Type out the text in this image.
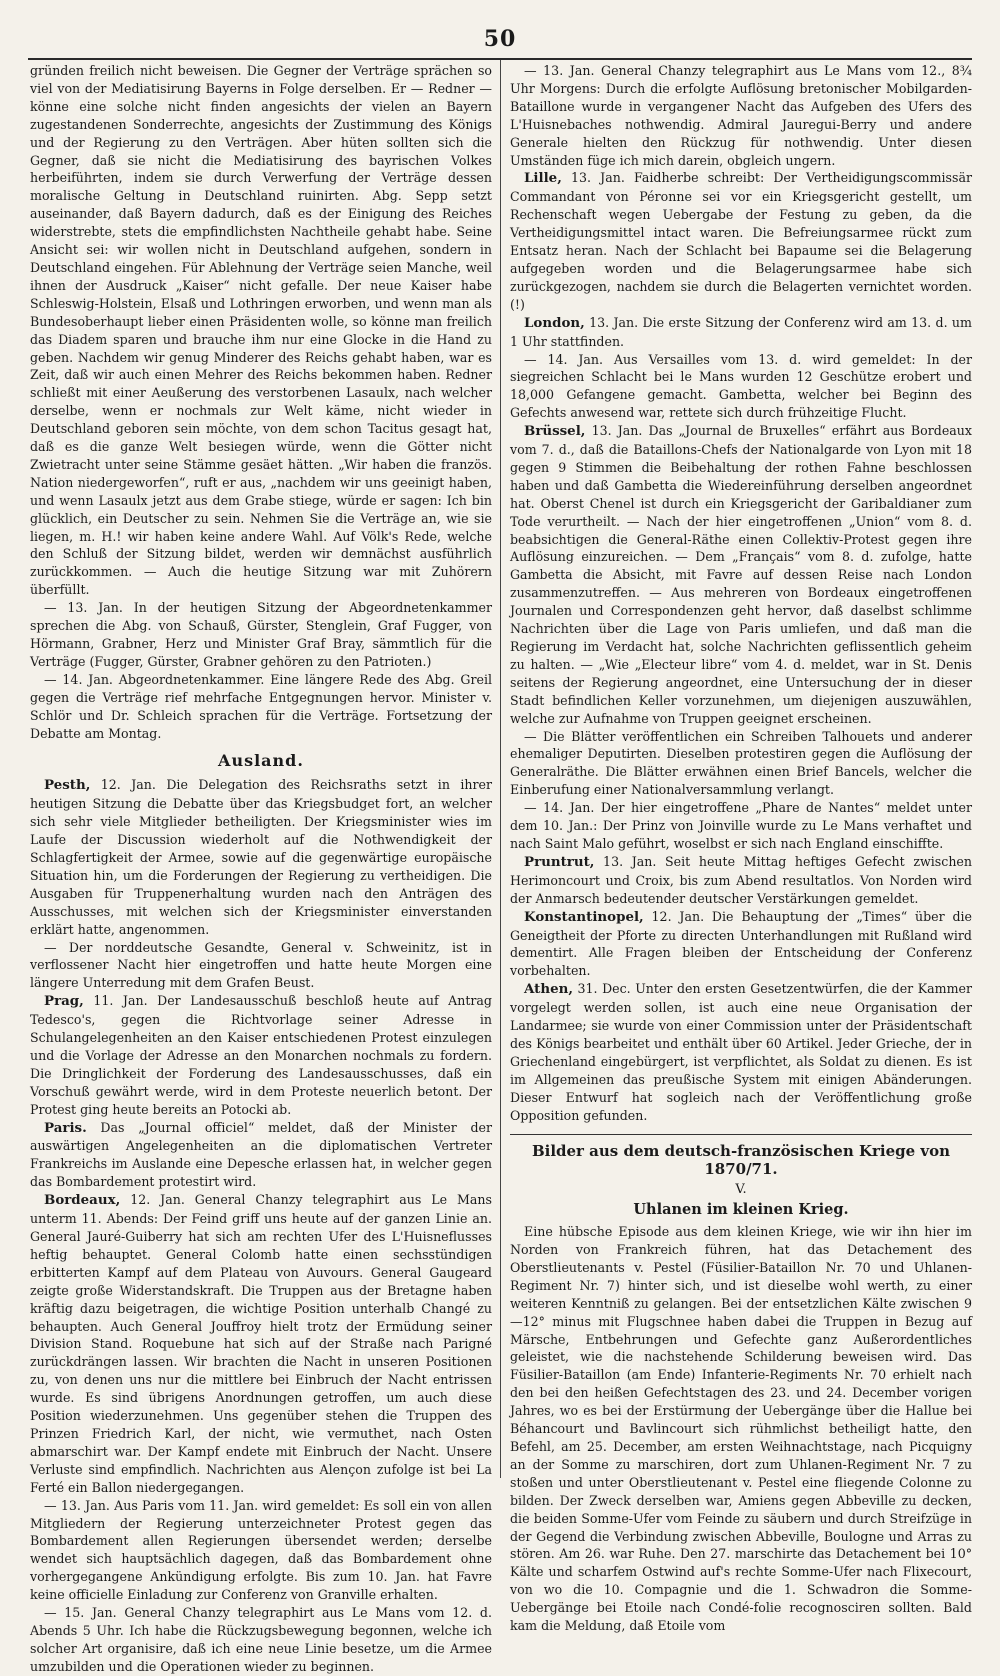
50

gründen freilich nicht beweisen. Die Gegner der Verträge sprächen so viel von der Mediatisirung Bayerns in Folge derselben. Er — Redner — könne eine solche nicht finden angesichts der vielen an Bayern zugestandenen Sonderrechte, angesichts der Zustimmung des Königs und der Regierung zu den Verträgen. Aber hüten sollten sich die Gegner, daß sie nicht die Mediatisirung des bayrischen Volkes herbeiführten, indem sie durch Verwerfung der Verträge dessen moralische Geltung in Deutschland ruinirten. Abg. Sepp setzt auseinander, daß Bayern dadurch, daß es der Einigung des Reiches widerstrebte, stets die empfindlichsten Nachtheile gehabt habe. Seine Ansicht sei: wir wollen nicht in Deutschland aufgehen, sondern in Deutschland eingehen. Für Ablehnung der Verträge seien Manche, weil ihnen der Ausdruck „Kaiser“ nicht gefalle. Der neue Kaiser habe Schleswig-Holstein, Elsaß und Lothringen erworben, und wenn man als Bundesoberhaupt lieber einen Präsidenten wolle, so könne man freilich das Diadem sparen und brauche ihm nur eine Glocke in die Hand zu geben. Nachdem wir genug Minderer des Reichs gehabt haben, war es Zeit, daß wir auch einen Mehrer des Reichs bekommen haben. Redner schließt mit einer Aeußerung des verstorbenen Lasaulx, nach welcher derselbe, wenn er nochmals zur Welt käme, nicht wieder in Deutschland geboren sein möchte, von dem schon Tacitus gesagt hat, daß es die ganze Welt besiegen würde, wenn die Götter nicht Zwietracht unter seine Stämme gesäet hätten. „Wir haben die französ. Nation niedergeworfen“, ruft er aus, „nachdem wir uns geeinigt haben, und wenn Lasaulx jetzt aus dem Grabe stiege, würde er sagen: Ich bin glücklich, ein Deutscher zu sein. Nehmen Sie die Verträge an, wie sie liegen, m. H.! wir haben keine andere Wahl. Auf Völk's Rede, welche den Schluß der Sitzung bildet, werden wir demnächst ausführlich zurückkommen. — Auch die heutige Sitzung war mit Zuhörern überfüllt.

— 13. Jan. In der heutigen Sitzung der Abgeordnetenkammer sprechen die Abg. von Schauß, Gürster, Stenglein, Graf Fugger, von Hörmann, Grabner, Herz und Minister Graf Bray, sämmtlich für die Verträge (Fugger, Gürster, Grabner gehören zu den Patrioten.)

— 14. Jan. Abgeordnetenkammer. Eine längere Rede des Abg. Greil gegen die Verträge rief mehrfache Entgegnungen hervor. Minister v. Schlör und Dr. Schleich sprachen für die Verträge. Fortsetzung der Debatte am Montag.

Ausland.

Pesth, 12. Jan. Die Delegation des Reichsraths setzt in ihrer heutigen Sitzung die Debatte über das Kriegsbudget fort, an welcher sich sehr viele Mitglieder betheiligten. Der Kriegsminister wies im Laufe der Discussion wiederholt auf die Nothwendigkeit der Schlagfertigkeit der Armee, sowie auf die gegenwärtige europäische Situation hin, um die Forderungen der Regierung zu vertheidigen. Die Ausgaben für Truppenerhaltung wurden nach den Anträgen des Ausschusses, mit welchen sich der Kriegsminister einverstanden erklärt hatte, angenommen.

— Der norddeutsche Gesandte, General v. Schweinitz, ist in verflossener Nacht hier eingetroffen und hatte heute Morgen eine längere Unterredung mit dem Grafen Beust.

Prag, 11. Jan. Der Landesausschuß beschloß heute auf Antrag Tedesco's, gegen die Richtvorlage seiner Adresse in Schulangelegenheiten an den Kaiser entschiedenen Protest einzulegen und die Vorlage der Adresse an den Monarchen nochmals zu fordern. Die Dringlichkeit der Forderung des Landesausschusses, daß ein Vorschuß gewährt werde, wird in dem Proteste neuerlich betont. Der Protest ging heute bereits an Potocki ab.

Paris. Das „Journal officiel“ meldet, daß der Minister der auswärtigen Angelegenheiten an die diplomatischen Vertreter Frankreichs im Auslande eine Depesche erlassen hat, in welcher gegen das Bombardement protestirt wird.

Bordeaux, 12. Jan. General Chanzy telegraphirt aus Le Mans unterm 11. Abends: Der Feind griff uns heute auf der ganzen Linie an. General Jauré-Guiberry hat sich am rechten Ufer des L'Huisneflusses heftig behauptet. General Colomb hatte einen sechsstündigen erbitterten Kampf auf dem Plateau von Auvours. General Gaugeard zeigte große Widerstandskraft. Die Truppen aus der Bretagne haben kräftig dazu beigetragen, die wichtige Position unterhalb Changé zu behaupten. Auch General Jouffroy hielt trotz der Ermüdung seiner Division Stand. Roquebune hat sich auf der Straße nach Parigné zurückdrängen lassen. Wir brachten die Nacht in unseren Positionen zu, von denen uns nur die mittlere bei Einbruch der Nacht entrissen wurde. Es sind übrigens Anordnungen getroffen, um auch diese Position wiederzunehmen. Uns gegenüber stehen die Truppen des Prinzen Friedrich Karl, der nicht, wie vermuthet, nach Osten abmarschirt war. Der Kampf endete mit Einbruch der Nacht. Unsere Verluste sind empfindlich. Nachrichten aus Alençon zufolge ist bei La Ferté ein Ballon niedergegangen.

— 13. Jan. Aus Paris vom 11. Jan. wird gemeldet: Es soll ein von allen Mitgliedern der Regierung unterzeichneter Protest gegen das Bombardement allen Regierungen übersendet werden; derselbe wendet sich hauptsächlich dagegen, daß das Bombardement ohne vorhergegangene Ankündigung erfolgte. Bis zum 10. Jan. hat Favre keine officielle Einladung zur Conferenz von Granville erhalten.

— 15. Jan. General Chanzy telegraphirt aus Le Mans vom 12. d. Abends 5 Uhr. Ich habe die Rückzugsbewegung begonnen, welche ich solcher Art organisire, daß ich eine neue Linie besetze, um die Armee umzubilden und die Operationen wieder zu beginnen.

— 13. Jan. General Chanzy telegraphirt aus Le Mans vom 12., 8¾ Uhr Morgens: Durch die erfolgte Auflösung bretonischer Mobilgarden-Bataillone wurde in vergangener Nacht das Aufgeben des Ufers des L'Huisnebaches nothwendig. Admiral Jauregui-Berry und andere Generale hielten den Rückzug für nothwendig. Unter diesen Umständen füge ich mich darein, obgleich ungern.

Lille, 13. Jan. Faidherbe schreibt: Der Vertheidigungscommissär Commandant von Péronne sei vor ein Kriegsgericht gestellt, um Rechenschaft wegen Uebergabe der Festung zu geben, da die Vertheidigungsmittel intact waren. Die Befreiungsarmee rückt zum Entsatz heran. Nach der Schlacht bei Bapaume sei die Belagerung aufgegeben worden und die Belagerungsarmee habe sich zurückgezogen, nachdem sie durch die Belagerten vernichtet worden. (!)

London, 13. Jan. Die erste Sitzung der Conferenz wird am 13. d. um 1 Uhr stattfinden.

— 14. Jan. Aus Versailles vom 13. d. wird gemeldet: In der siegreichen Schlacht bei le Mans wurden 12 Geschütze erobert und 18,000 Gefangene gemacht. Gambetta, welcher bei Beginn des Gefechts anwesend war, rettete sich durch frühzeitige Flucht.

Brüssel, 13. Jan. Das „Journal de Bruxelles“ erfährt aus Bordeaux vom 7. d., daß die Bataillons-Chefs der Nationalgarde von Lyon mit 18 gegen 9 Stimmen die Beibehaltung der rothen Fahne beschlossen haben und daß Gambetta die Wiedereinführung derselben angeordnet hat. Oberst Chenel ist durch ein Kriegsgericht der Garibaldianer zum Tode verurtheilt. — Nach der hier eingetroffenen „Union“ vom 8. d. beabsichtigen die General-Räthe einen Collektiv-Protest gegen ihre Auflösung einzureichen. — Dem „Français“ vom 8. d. zufolge, hatte Gambetta die Absicht, mit Favre auf dessen Reise nach London zusammenzutreffen. — Aus mehreren von Bordeaux eingetroffenen Journalen und Correspondenzen geht hervor, daß daselbst schlimme Nachrichten über die Lage von Paris umliefen, und daß man die Regierung im Verdacht hat, solche Nachrichten geflissentlich geheim zu halten. — „Wie „Electeur libre“ vom 4. d. meldet, war in St. Denis seitens der Regierung angeordnet, eine Untersuchung der in dieser Stadt befindlichen Keller vorzunehmen, um diejenigen auszuwählen, welche zur Aufnahme von Truppen geeignet erscheinen.

— Die Blätter veröffentlichen ein Schreiben Talhouets und anderer ehemaliger Deputirten. Dieselben protestiren gegen die Auflösung der Generalräthe. Die Blätter erwähnen einen Brief Bancels, welcher die Einberufung einer Nationalversammlung verlangt.

— 14. Jan. Der hier eingetroffene „Phare de Nantes“ meldet unter dem 10. Jan.: Der Prinz von Joinville wurde zu Le Mans verhaftet und nach Saint Malo geführt, woselbst er sich nach England einschiffte.

Pruntrut, 13. Jan. Seit heute Mittag heftiges Gefecht zwischen Herimoncourt und Croix, bis zum Abend resultatlos. Von Norden wird der Anmarsch bedeutender deutscher Verstärkungen gemeldet.

Konstantinopel, 12. Jan. Die Behauptung der „Times“ über die Geneigtheit der Pforte zu directen Unterhandlungen mit Rußland wird dementirt. Alle Fragen bleiben der Entscheidung der Conferenz vorbehalten.

Athen, 31. Dec. Unter den ersten Gesetzentwürfen, die der Kammer vorgelegt werden sollen, ist auch eine neue Organisation der Landarmee; sie wurde von einer Commission unter der Präsidentschaft des Königs bearbeitet und enthält über 60 Artikel. Jeder Grieche, der in Griechenland eingebürgert, ist verpflichtet, als Soldat zu dienen. Es ist im Allgemeinen das preußische System mit einigen Abänderungen. Dieser Entwurf hat sogleich nach der Veröffentlichung große Opposition gefunden.

Bilder aus dem deutsch-französischen Kriege von 1870/71.
V.
Uhlanen im kleinen Krieg.

Eine hübsche Episode aus dem kleinen Kriege, wie wir ihn hier im Norden von Frankreich führen, hat das Detachement des Oberstlieutenants v. Pestel (Füsilier-Bataillon Nr. 70 und Uhlanen-Regiment Nr. 7) hinter sich, und ist dieselbe wohl werth, zu einer weiteren Kenntniß zu gelangen. Bei der entsetzlichen Kälte zwischen 9—12° minus mit Flugschnee haben dabei die Truppen in Bezug auf Märsche, Entbehrungen und Gefechte ganz Außerordentliches geleistet, wie die nachstehende Schilderung beweisen wird. Das Füsilier-Bataillon (am Ende) Infanterie-Regiments Nr. 70 erhielt nach den bei den heißen Gefechtstagen des 23. und 24. December vorigen Jahres, wo es bei der Erstürmung der Uebergänge über die Hallue bei Béhancourt und Bavlincourt sich rühmlichst betheiligt hatte, den Befehl, am 25. December, am ersten Weihnachtstage, nach Picquigny an der Somme zu marschiren, dort zum Uhlanen-Regiment Nr. 7 zu stoßen und unter Oberstlieutenant v. Pestel eine fliegende Colonne zu bilden. Der Zweck derselben war, Amiens gegen Abbeville zu decken, die beiden Somme-Ufer vom Feinde zu säubern und durch Streifzüge in der Gegend die Verbindung zwischen Abbeville, Boulogne und Arras zu stören. Am 26. war Ruhe. Den 27. marschirte das Detachement bei 10° Kälte und scharfem Ostwind auf's rechte Somme-Ufer nach Flixecourt, von wo die 10. Compagnie und die 1. Schwadron die Somme-Uebergänge bei Etoile nach Condé-folie recognosciren sollten. Bald kam die Meldung, daß Etoile vom
